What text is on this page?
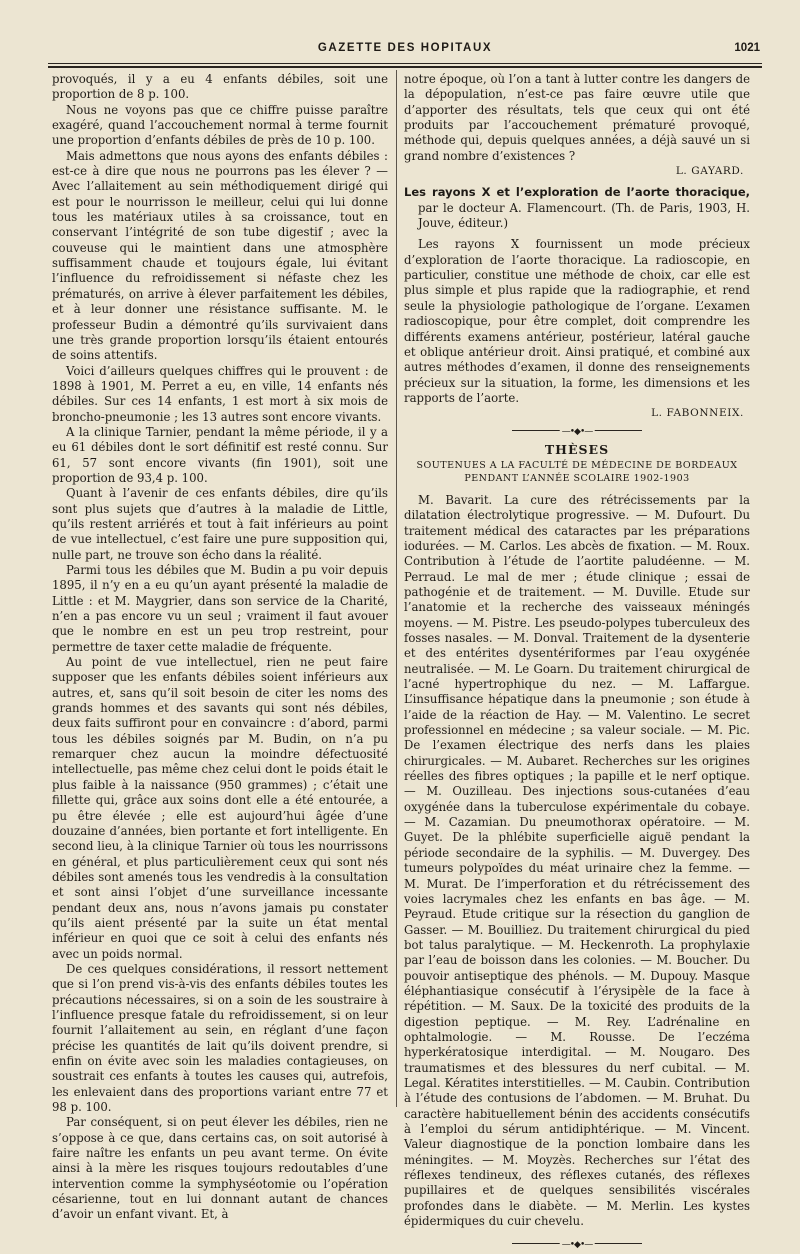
GAZETTE DES HOPITAUX	1021

provoqués, il y a eu 4 enfants débiles, soit une proportion de 8 p. 100.

Nous ne voyons pas que ce chiffre puisse paraître exagéré, quand l’accouchement normal à terme fournit une proportion d’enfants débiles de près de 10 p. 100.

Mais admettons que nous ayons des enfants débiles : est-ce à dire que nous ne pourrons pas les élever ? — Avec l’allaitement au sein méthodiquement dirigé qui est pour le nourrisson le meilleur, celui qui lui donne tous les matériaux utiles à sa croissance, tout en conservant l’intégrité de son tube digestif ; avec la couveuse qui le maintient dans une atmosphère suffisamment chaude et toujours égale, lui évitant l’influence du refroidissement si néfaste chez les prématurés, on arrive à élever parfaitement les débiles, et à leur donner une résistance suffisante. M. le professeur Budin a démontré qu’ils survivaient dans une très grande proportion lorsqu’ils étaient entourés de soins attentifs.

Voici d’ailleurs quelques chiffres qui le prouvent : de 1898 à 1901, M. Perret a eu, en ville, 14 enfants nés débiles. Sur ces 14 enfants, 1 est mort à six mois de broncho-pneumonie ; les 13 autres sont encore vivants.

A la clinique Tarnier, pendant la même période, il y a eu 61 débiles dont le sort définitif est resté connu. Sur 61, 57 sont encore vivants (fin 1901), soit une proportion de 93,4 p. 100.

Quant à l’avenir de ces enfants débiles, dire qu’ils sont plus sujets que d’autres à la maladie de Little, qu’ils restent arriérés et tout à fait inférieurs au point de vue intellectuel, c’est faire une pure supposition qui, nulle part, ne trouve son écho dans la réalité.

Parmi tous les débiles que M. Budin a pu voir depuis 1895, il n’y en a eu qu’un ayant présenté la maladie de Little : et M. Maygrier, dans son service de la Charité, n’en a pas encore vu un seul ; vraiment il faut avouer que le nombre en est un peu trop restreint, pour permettre de taxer cette maladie de fréquente.

Au point de vue intellectuel, rien ne peut faire supposer que les enfants débiles soient inférieurs aux autres, et, sans qu’il soit besoin de citer les noms des grands hommes et des savants qui sont nés débiles, deux faits suffiront pour en convaincre : d’abord, parmi tous les débiles soignés par M. Budin, on n’a pu remarquer chez aucun la moindre défectuosité intellectuelle, pas même chez celui dont le poids était le plus faible à la naissance (950 grammes) ; c’était une fillette qui, grâce aux soins dont elle a été entourée, a pu être élevée ; elle est aujourd’hui âgée d’une douzaine d’années, bien portante et fort intelligente. En second lieu, à la clinique Tarnier où tous les nourrissons en général, et plus particulièrement ceux qui sont nés débiles sont amenés tous les vendredis à la consultation et sont ainsi l’objet d’une surveillance incessante pendant deux ans, nous n’avons jamais pu constater qu’ils aient présenté par la suite un état mental inférieur en quoi que ce soit à celui des enfants nés avec un poids normal.

De ces quelques considérations, il ressort nettement que si l’on prend vis-à-vis des enfants débiles toutes les précautions nécessaires, si on a soin de les soustraire à l’influence presque fatale du refroidissement, si on leur fournit l’allaitement au sein, en réglant d’une façon précise les quantités de lait qu’ils doivent prendre, si enfin on évite avec soin les maladies contagieuses, on soustrait ces enfants à toutes les causes qui, autrefois, les enlevaient dans des proportions variant entre 77 et 98 p. 100.

Par conséquent, si on peut élever les débiles, rien ne s’oppose à ce que, dans certains cas, on soit autorisé à faire naître les enfants un peu avant terme. On évite ainsi à la mère les risques toujours redoutables d’une intervention comme la symphyséotomie ou l’opération césarienne, tout en lui donnant autant de chances d’avoir un enfant vivant. Et, à

notre époque, où l’on a tant à lutter contre les dangers de la dépopulation, n’est-ce pas faire œuvre utile que d’apporter des résultats, tels que ceux qui ont été produits par l’accouchement prématuré provoqué, méthode qui, depuis quelques années, a déjà sauvé un si grand nombre d’existences ?

L. GAYARD.
Les rayons X et l’exploration de l’aorte thoracique, par le docteur A. Flamencourt. (Th. de Paris, 1903, H. Jouve, éditeur.)

Les rayons X fournissent un mode précieux d’exploration de l’aorte thoracique. La radioscopie, en particulier, constitue une méthode de choix, car elle est plus simple et plus rapide que la radiographie, et rend seule la physiologie pathologique de l’organe. L’examen radioscopique, pour être complet, doit comprendre les différents examens antérieur, postérieur, latéral gauche et oblique antérieur droit. Ainsi pratiqué, et combiné aux autres méthodes d’examen, il donne des renseignements précieux sur la situation, la forme, les dimensions et les rapports de l’aorte.

L. FABONNEIX.
—•◆•—
THÈSES
SOUTENUES A LA FACULTÉ DE MÉDECINE DE BORDEAUX
PENDANT L’ANNÉE SCOLAIRE 1902-1903

M. Bavarit. La cure des rétrécissements par la dilatation électrolytique progressive. — M. Dufourt. Du traitement médical des cataractes par les préparations iodurées. — M. Carlos. Les abcès de fixation. — M. Roux. Contribution à l’étude de l’aortite paludéenne. — M. Perraud. Le mal de mer ; étude clinique ; essai de pathogénie et de traitement. — M. Duville. Etude sur l’anatomie et la recherche des vaisseaux méningés moyens. — M. Pistre. Les pseudo-polypes tuberculeux des fosses nasales. — M. Donval. Traitement de la dysenterie et des entérites dysentériformes par l’eau oxygénée neutralisée. — M. Le Goarn. Du traitement chirurgical de l’acné hypertrophique du nez. — M. Laffargue. L’insuffisance hépatique dans la pneumonie ; son étude à l’aide de la réaction de Hay. — M. Valentino. Le secret professionnel en médecine ; sa valeur sociale. — M. Pic. De l’examen électrique des nerfs dans les plaies chirurgicales. — M. Aubaret. Recherches sur les origines réelles des fibres optiques ; la papille et le nerf optique. — M. Ouzilleau. Des injections sous-cutanées d’eau oxygénée dans la tuberculose expérimentale du cobaye. — M. Cazamian. Du pneumothorax opératoire. — M. Guyet. De la phlébite superficielle aiguë pendant la période secondaire de la syphilis. — M. Duvergey. Des tumeurs polypoïdes du méat urinaire chez la femme. — M. Murat. De l’imperforation et du rétrécissement des voies lacrymales chez les enfants en bas âge. — M. Peyraud. Etude critique sur la résection du ganglion de Gasser. — M. Bouilliez. Du traitement chirurgical du pied bot talus paralytique. — M. Heckenroth. La prophylaxie par l’eau de boisson dans les colonies. — M. Boucher. Du pouvoir antiseptique des phénols. — M. Dupouy. Masque éléphantiasique consécutif à l’érysipèle de la face à répétition. — M. Saux. De la toxicité des produits de la digestion peptique. — M. Rey. L’adrénaline en ophtalmologie. — M. Rousse. De l’eczéma hyperkératosique interdigital. — M. Nougaro. Des traumatismes et des blessures du nerf cubital. — M. Legal. Kératites interstitielles. — M. Caubin. Contribution à l’étude des contusions de l’abdomen. — M. Bruhat. Du caractère habituellement bénin des accidents consécutifs à l’emploi du sérum antidiphtérique. — M. Vincent. Valeur diagnostique de la ponction lombaire dans les méningites. — M. Moyzès. Recherches sur l’état des réflexes tendineux, des réflexes cutanés, des réflexes pupillaires et de quelques sensibilités viscérales profondes dans le diabète. — M. Merlin. Les kystes épidermiques du cuir chevelu.

—•◆•—
